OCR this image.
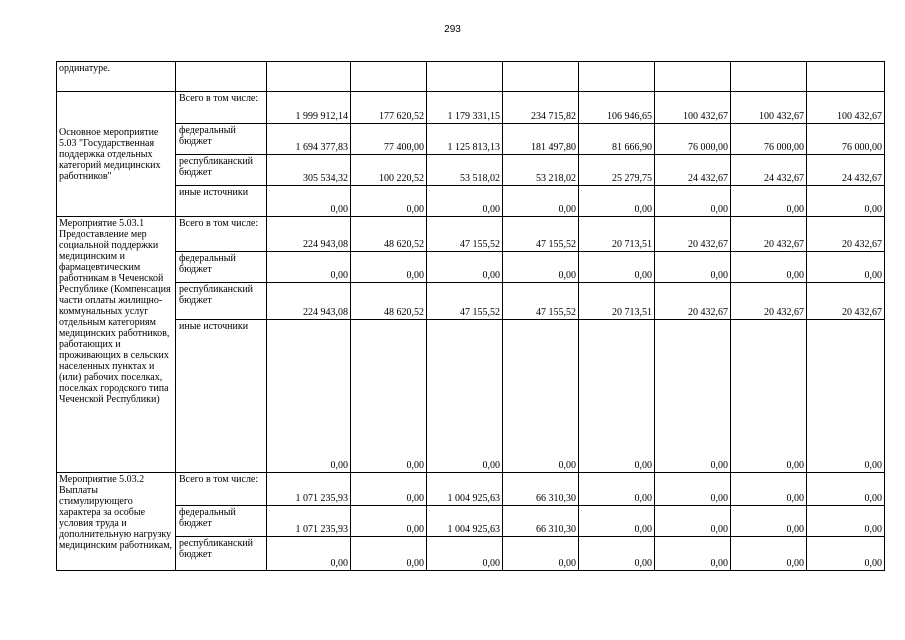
293
ординатуре.									
Основное мероприятие 5.03 "Государственная поддержка отдельных категорий медицинских работников"	Всего в том числе:	1 999 912,14	177 620,52	1 179 331,15	234 715,82	106 946,65	100 432,67	100 432,67	100 432,67
	федеральный бюджет	1 694 377,83	77 400,00	1 125 813,13	181 497,80	81 666,90	76 000,00	76 000,00	76 000,00
	республиканский бюджет	305 534,32	100 220,52	53 518,02	53 218,02	25 279,75	24 432,67	24 432,67	24 432,67
	иные источники	0,00	0,00	0,00	0,00	0,00	0,00	0,00	0,00
Мероприятие 5.03.1 Предоставление мер социальной поддержки медицинским и фармацевтическим работникам в Чеченской Республике (Компенсация части оплаты жилищно-коммунальных услуг отдельным категориям медицинских работников, работающих и проживающих в сельских населенных пунктах и (или) рабочих поселках, поселках городского типа Чеченской Республики)	Всего в том числе:	224 943,08	48 620,52	47 155,52	47 155,52	20 713,51	20 432,67	20 432,67	20 432,67
	федеральный бюджет	0,00	0,00	0,00	0,00	0,00	0,00	0,00	0,00
	республиканский бюджет	224 943,08	48 620,52	47 155,52	47 155,52	20 713,51	20 432,67	20 432,67	20 432,67
	иные источники	0,00	0,00	0,00	0,00	0,00	0,00	0,00	0,00
Мероприятие 5.03.2 Выплаты стимулирующего характера за особые условия труда и дополнительную нагрузку медицинским работникам,	Всего в том числе:	1 071 235,93	0,00	1 004 925,63	66 310,30	0,00	0,00	0,00	0,00
	федеральный бюджет	1 071 235,93	0,00	1 004 925,63	66 310,30	0,00	0,00	0,00	0,00
	республиканский бюджет	0,00	0,00	0,00	0,00	0,00	0,00	0,00	0,00
